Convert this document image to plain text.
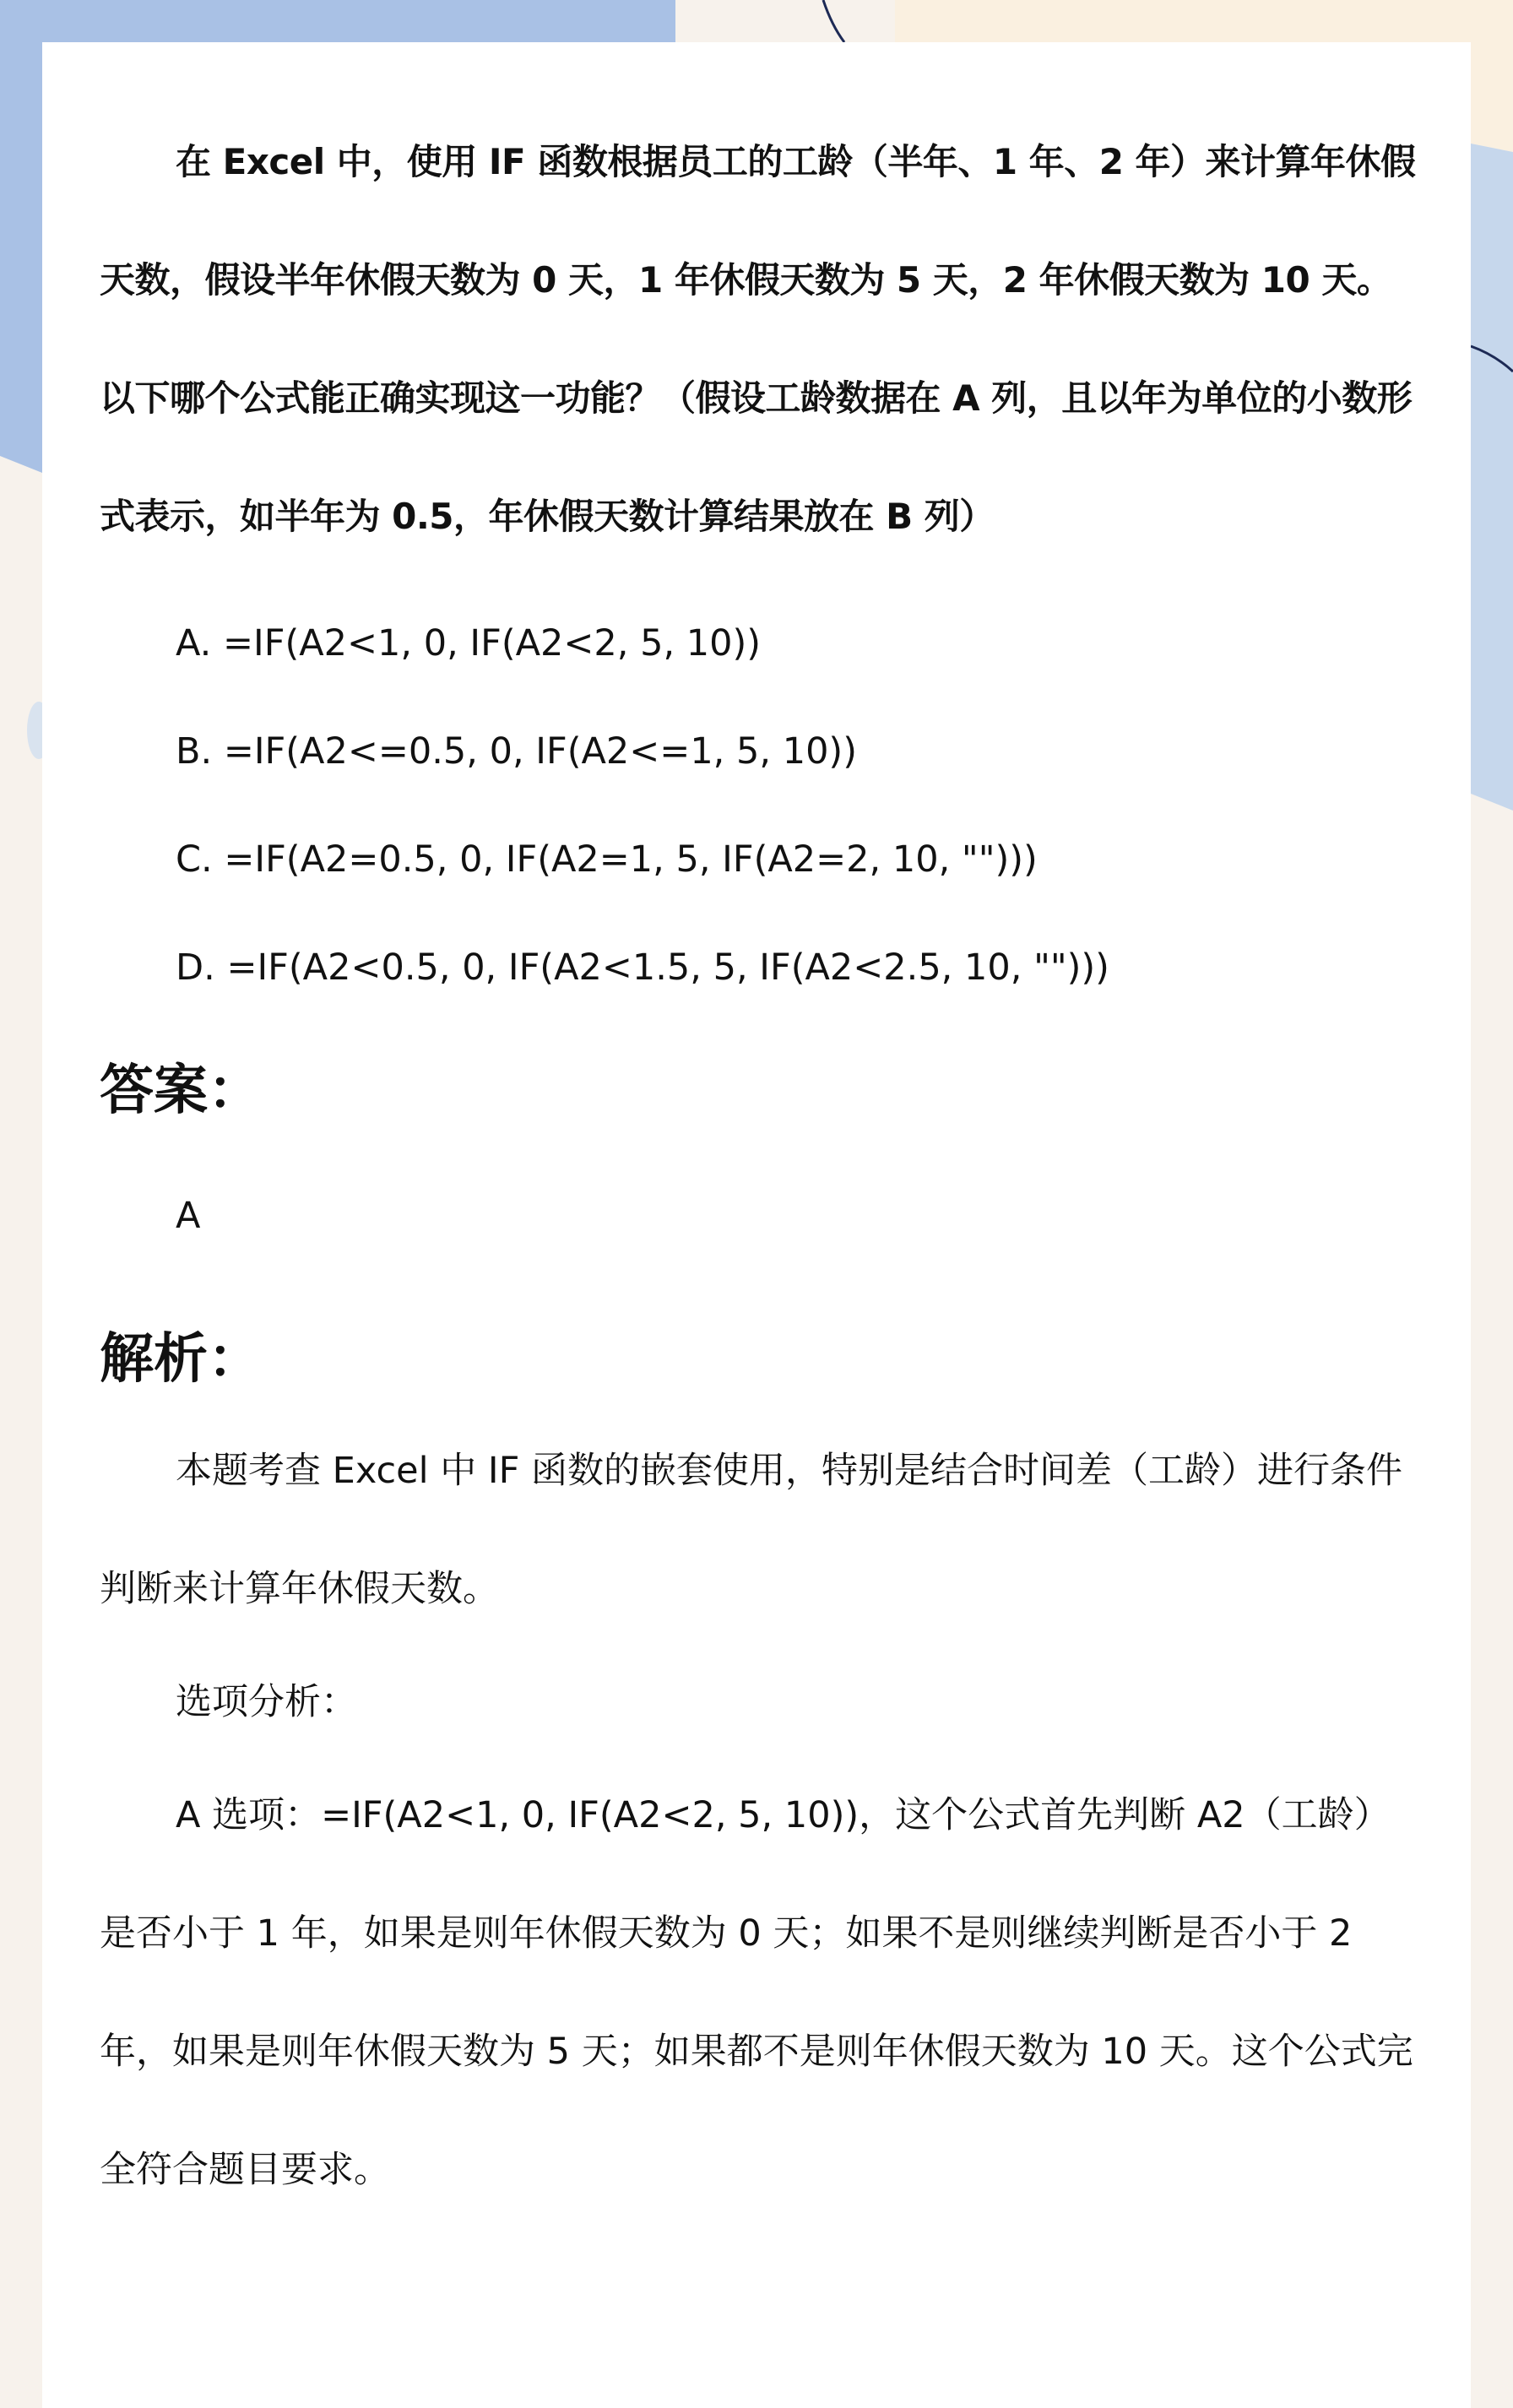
在 Excel 中，使用 IF 函数根据员工的工龄（半年、1 年、2 年）来计算年休假天数，假设半年休假天数为 0 天，1 年休假天数为 5 天，2 年休假天数为 10 天。以下哪个公式能正确实现这一功能？（假设工龄数据在 A 列，且以年为单位的小数形式表示，如半年为 0.5，年休假天数计算结果放在 B 列）

A. =IF(A2<1, 0, IF(A2<2, 5, 10))

B. =IF(A2<=0.5, 0, IF(A2<=1, 5, 10))

C. =IF(A2=0.5, 0, IF(A2=1, 5, IF(A2=2, 10, "")))

D. =IF(A2<0.5, 0, IF(A2<1.5, 5, IF(A2<2.5, 10, "")))

答案：

A

解析：

本题考查 Excel 中 IF 函数的嵌套使用，特别是结合时间差（工龄）进行条件判断来计算年休假天数。

选项分析：

A 选项：=IF(A2<1, 0, IF(A2<2, 5, 10))，这个公式首先判断 A2（工龄）是否小于 1 年，如果是则年休假天数为 0 天；如果不是则继续判断是否小于 2 年，如果是则年休假天数为 5 天；如果都不是则年休假天数为 10 天。这个公式完全符合题目要求。
